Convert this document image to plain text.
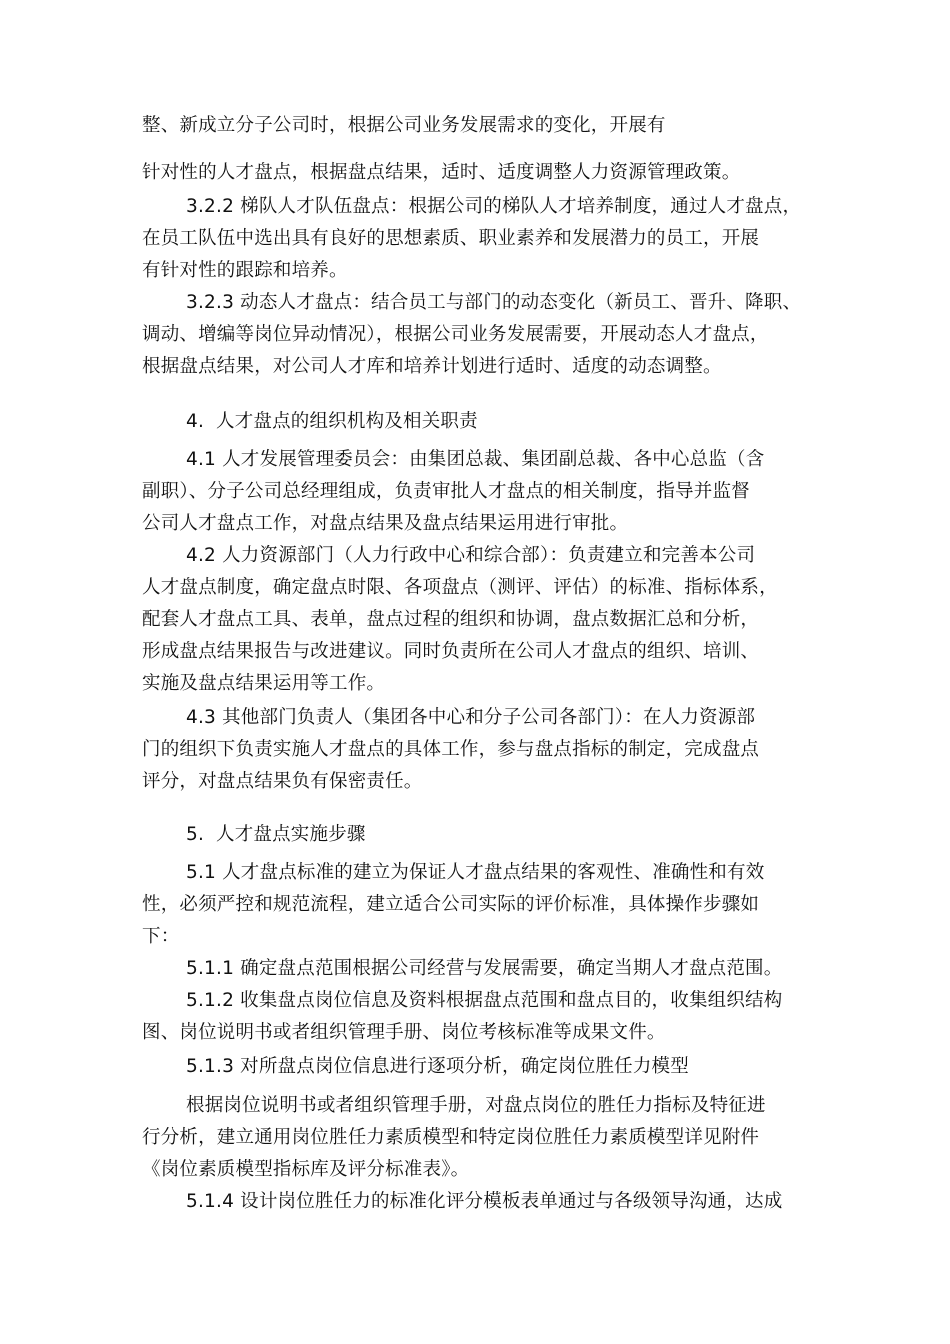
整、新成立分子公司时，根据公司业务发展需求的变化，开展有
针对性的人才盘点，根据盘点结果，适时、适度调整人力资源管理政策。
3.2.2 梯队人才队伍盘点：根据公司的梯队人才培养制度，通过人才盘点，
在员工队伍中选出具有良好的思想素质、职业素养和发展潜力的员工，开展
有针对性的跟踪和培养。
3.2.3 动态人才盘点：结合员工与部门的动态变化（新员工、晋升、降职、
调动、增编等岗位异动情况），根据公司业务发展需要，开展动态人才盘点，
根据盘点结果，对公司人才库和培养计划进行适时、适度的动态调整。
4. 人才盘点的组织机构及相关职责
4.1 人才发展管理委员会：由集团总裁、集团副总裁、各中心总监（含
副职）、分子公司总经理组成，负责审批人才盘点的相关制度，指导并监督
公司人才盘点工作，对盘点结果及盘点结果运用进行审批。
4.2 人力资源部门（人力行政中心和综合部）：负责建立和完善本公司
人才盘点制度，确定盘点时限、各项盘点（测评、评估）的标准、指标体系，
配套人才盘点工具、表单，盘点过程的组织和协调，盘点数据汇总和分析，
形成盘点结果报告与改进建议。同时负责所在公司人才盘点的组织、培训、
实施及盘点结果运用等工作。
4.3 其他部门负责人（集团各中心和分子公司各部门）：在人力资源部
门的组织下负责实施人才盘点的具体工作，参与盘点指标的制定，完成盘点
评分，对盘点结果负有保密责任。
5. 人才盘点实施步骤
5.1 人才盘点标准的建立为保证人才盘点结果的客观性、准确性和有效
性，必须严控和规范流程，建立适合公司实际的评价标准，具体操作步骤如
下：
5.1.1 确定盘点范围根据公司经营与发展需要，确定当期人才盘点范围。
5.1.2 收集盘点岗位信息及资料根据盘点范围和盘点目的，收集组织结构
图、岗位说明书或者组织管理手册、岗位考核标准等成果文件。
5.1.3 对所盘点岗位信息进行逐项分析，确定岗位胜任力模型
根据岗位说明书或者组织管理手册，对盘点岗位的胜任力指标及特征进
行分析，建立通用岗位胜任力素质模型和特定岗位胜任力素质模型详见附件
《岗位素质模型指标库及评分标准表》。
5.1.4 设计岗位胜任力的标准化评分模板表单通过与各级领导沟通，达成
